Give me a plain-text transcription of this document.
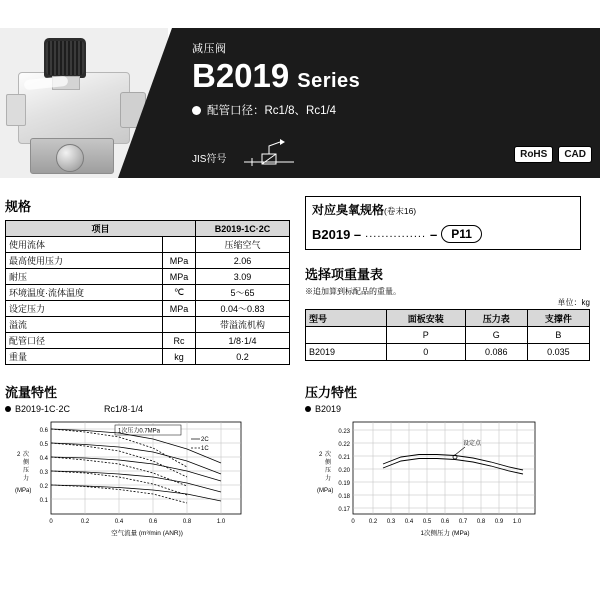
减压阀
B2019 Series
配管口径：Rc1/8、Rc1/4
JIS符号	RoHS	CAD
规格
项目		B2019-1C·2C
使用流体		压缩空气
最高使用压力	MPa	2.06
耐压	MPa	3.09
环境温度·流体温度	℃	5～65
设定压力	MPa	0.04～0.83
溢流		带溢流机构
配管口径	Rc	1/8·1/4
重量	kg	0.2
对应臭氧规格(卷末16)
B2019 – ............... –	P11
选择项重量表
※追加算到标配品的重量。
单位：kg
型号	面板安装	压力表	支撑件
	P	G	B
B2019	0	0.086	0.035
流量特性
B2019-1C·2C	Rc1/8·1/4
0.6
0.5
0.4
0.3
0.2
0.1
0	0.2	0.4	0.6	0.8	1.0
1次压力0.7MPa
2C
1C
2 次
侧
压
力
(MPa)
空气流量 (m³/min (ANR))
压力特性
B2019
0.23
0.22
0.21
0.20
0.19
0.18
0.17
0 0.2 0.3 0.4 0.5 0.6 0.7 0.8 0.9 1.0
设定点
2 次
侧
压
力
(MPa)
1次侧压力 (MPa)
